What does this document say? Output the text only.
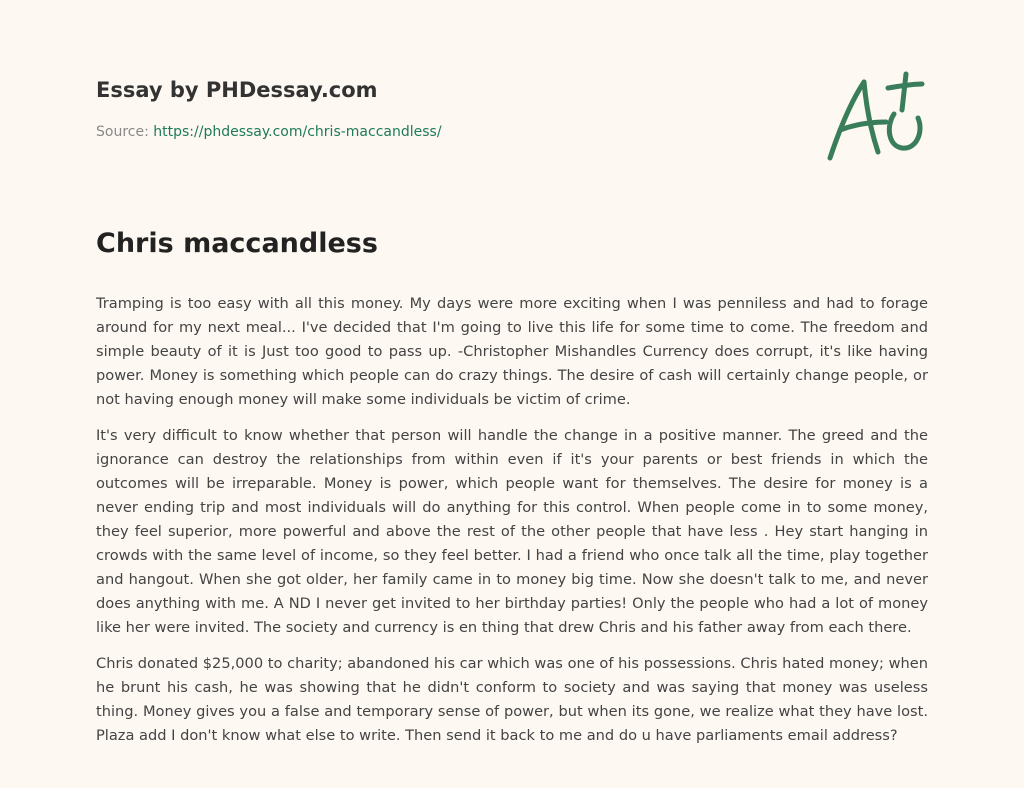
Essay by PHDessay.com
Source: https://phdessay.com/chris-maccandless/
Chris maccandless

Tramping is too easy with all this money. My days were more exciting when I was penniless and had to forage around for my next meal... I've decided that I'm going to live this life for some time to come. The freedom and simple beauty of it is Just too good to pass up. -Christopher Mishandles Currency does corrupt, it's like having power. Money is something which people can do crazy things. The desire of cash will certainly change people, or not having enough money will make some individuals be victim of crime.

It's very difficult to know whether that person will handle the change in a positive manner. The greed and the ignorance can destroy the relationships from within even if it's your parents or best friends in which the outcomes will be irreparable. Money is power, which people want for themselves. The desire for money is a never ending trip and most individuals will do anything for this control. When people come in to some money, they feel superior, more powerful and above the rest of the other people that have less . Hey start hanging in crowds with the same level of income, so they feel better. I had a friend who once talk all the time, play together and hangout. When she got older, her family came in to money big time. Now she doesn't talk to me, and never does anything with me. A ND I never get invited to her birthday parties! Only the people who had a lot of money like her were invited. The society and currency is en thing that drew Chris and his father away from each there.

Chris donated $25,000 to charity; abandoned his car which was one of his possessions. Chris hated money; when he brunt his cash, he was showing that he didn't conform to society and was saying that money was useless thing. Money gives you a false and temporary sense of power, but when its gone, we realize what they have lost. Plaza add I don't know what else to write. Then send it back to me and do u have parliaments email address?
